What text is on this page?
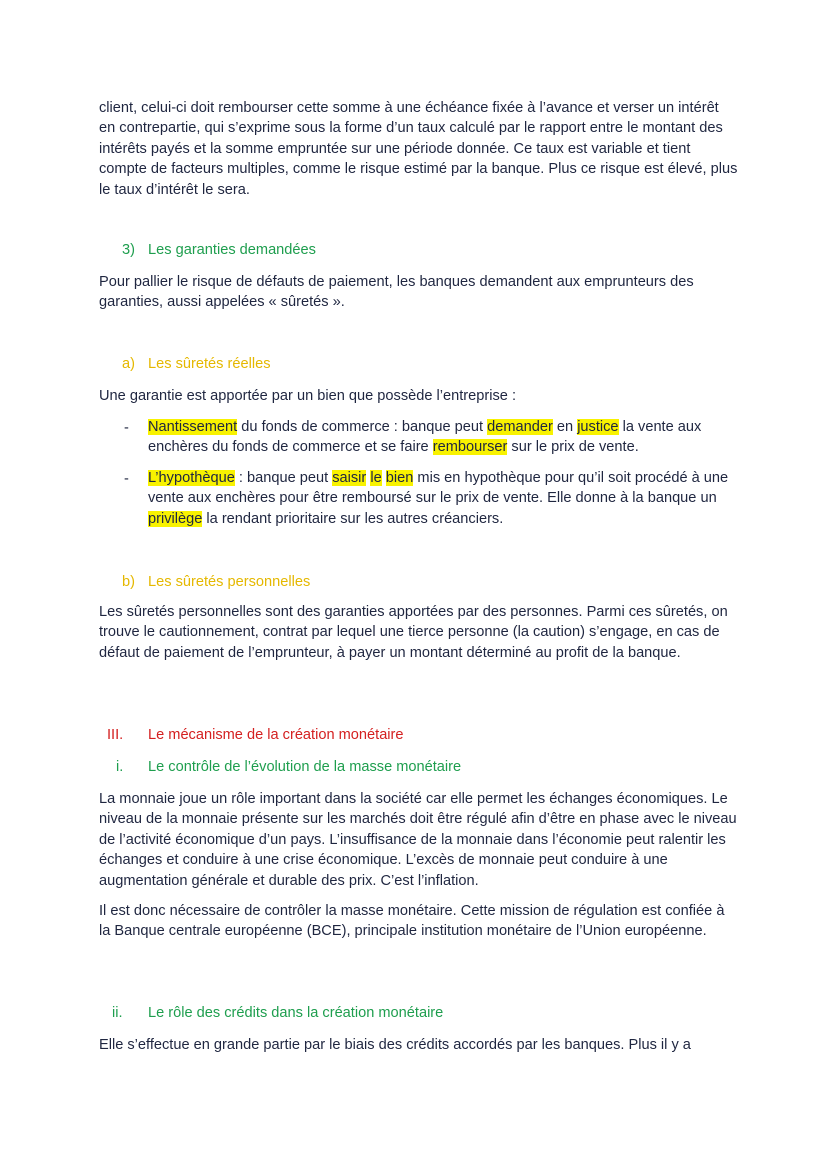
client, celui-ci doit rembourser cette somme à une échéance fixée à l’avance et verser un intérêt en contrepartie, qui s’exprime sous la forme d’un taux calculé par le rapport entre le montant des intérêts payés et la somme empruntée sur une période donnée. Ce taux est variable et tient compte de facteurs multiples, comme le risque estimé par la banque. Plus ce risque est élevé, plus le taux d’intérêt le sera.
3) Les garanties demandées
Pour pallier le risque de défauts de paiement, les banques demandent aux emprunteurs des garanties, aussi appelées « sûretés ».
a) Les sûretés réelles
Une garantie est apportée par un bien que possède l’entreprise :
- Nantissement du fonds de commerce : banque peut demander en justice la vente aux enchères du fonds de commerce et se faire rembourser sur le prix de vente.
- L’hypothèque : banque peut saisir le bien mis en hypothèque pour qu’il soit procédé à une vente aux enchères pour être remboursé sur le prix de vente. Elle donne à la banque un privilège la rendant prioritaire sur les autres créanciers.
b) Les sûretés personnelles
Les sûretés personnelles sont des garanties apportées par des personnes. Parmi ces sûretés, on trouve le cautionnement, contrat par lequel une tierce personne (la caution) s’engage, en cas de défaut de paiement de l’emprunteur, à payer un montant déterminé au profit de la banque.
III. Le mécanisme de la création monétaire
i. Le contrôle de l’évolution de la masse monétaire
La monnaie joue un rôle important dans la société car elle permet les échanges économiques. Le niveau de la monnaie présente sur les marchés doit être régulé afin d’être en phase avec le niveau de l’activité économique d’un pays. L’insuffisance de la monnaie dans l’économie peut ralentir les échanges et conduire à une crise économique. L’excès de monnaie peut conduire à une augmentation générale et durable des prix. C’est l’inflation.
Il est donc nécessaire de contrôler la masse monétaire. Cette mission de régulation est confiée à la Banque centrale européenne (BCE), principale institution monétaire de l’Union européenne.
ii. Le rôle des crédits dans la création monétaire
Elle s’effectue en grande partie par le biais des crédits accordés par les banques. Plus il y a
